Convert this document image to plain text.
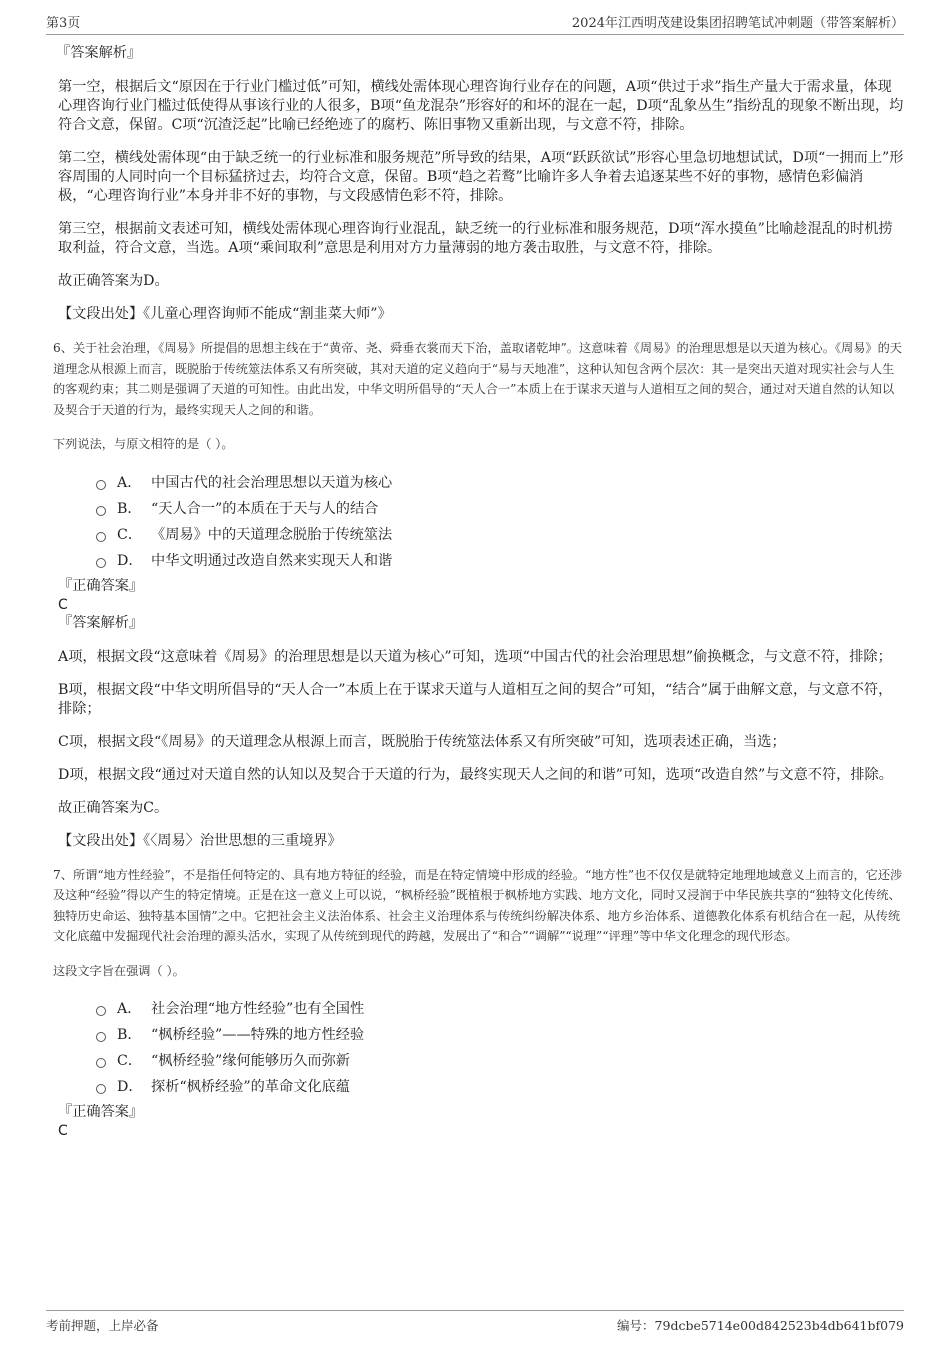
第3页	2024年江西明茂建设集团招聘笔试冲刺题（带答案解析）
『答案解析』

第一空，根据后文“原因在于行业门槛过低”可知，横线处需体现心理咨询行业存在的问题，A项“供过于求”指生产量大于需求量，体现心理咨询行业门槛过低使得从事该行业的人很多，B项“鱼龙混杂”形容好的和坏的混在一起，D项“乱象丛生”指纷乱的现象不断出现，均符合文意，保留。C项“沉渣泛起”比喻已经绝迹了的腐朽、陈旧事物又重新出现，与文意不符，排除。

第二空，横线处需体现“由于缺乏统一的行业标准和服务规范”所导致的结果，A项“跃跃欲试”形容心里急切地想试试，D项“一拥而上”形容周围的人同时向一个目标猛挤过去，均符合文意，保留。B项“趋之若鹜”比喻许多人争着去追逐某些不好的事物，感情色彩偏消极，“心理咨询行业”本身并非不好的事物，与文段感情色彩不符，排除。

第三空，根据前文表述可知，横线处需体现心理咨询行业混乱，缺乏统一的行业标准和服务规范，D项“浑水摸鱼”比喻趁混乱的时机捞取利益，符合文意，当选。A项“乘间取利”意思是利用对方力量薄弱的地方袭击取胜，与文意不符，排除。

故正确答案为D。

【文段出处】《儿童心理咨询师不能成“割韭菜大师”》

6、关于社会治理，《周易》所提倡的思想主线在于“黄帝、尧、舜垂衣裳而天下治，盖取诸乾坤”。这意味着《周易》的治理思想是以天道为核心。《周易》的天道理念从根源上而言，既脱胎于传统筮法体系又有所突破，其对天道的定义趋向于“易与天地准”，这种认知包含两个层次：其一是突出天道对现实社会与人生的客观约束；其二则是强调了天道的可知性。由此出发，中华文明所倡导的“天人合一”本质上在于谋求天道与人道相互之间的契合，通过对天道自然的认知以及契合于天道的行为，最终实现天人之间的和谐。

下列说法，与原文相符的是（ ）。

A． 中国古代的社会治理思想以天道为核心
B． “天人合一”的本质在于天与人的结合
C． 《周易》中的天道理念脱胎于传统筮法
D． 中华文明通过改造自然来实现天人和谐
『正确答案』
C
『答案解析』

A项，根据文段“这意味着《周易》的治理思想是以天道为核心”可知，选项“中国古代的社会治理思想”偷换概念，与文意不符，排除；

B项，根据文段“中华文明所倡导的“天人合一”本质上在于谋求天道与人道相互之间的契合”可知，“结合”属于曲解文意，与文意不符，排除；

C项，根据文段“《周易》的天道理念从根源上而言，既脱胎于传统筮法体系又有所突破”可知，选项表述正确，当选；

D项，根据文段“通过对天道自然的认知以及契合于天道的行为，最终实现天人之间的和谐”可知，选项“改造自然”与文意不符，排除。

故正确答案为C。

【文段出处】《〈周易〉治世思想的三重境界》

7、所谓“地方性经验”，不是指任何特定的、具有地方特征的经验，而是在特定情境中形成的经验。“地方性”也不仅仅是就特定地理地域意义上而言的，它还涉及这种“经验”得以产生的特定情境。正是在这一意义上可以说，“枫桥经验”既植根于枫桥地方实践、地方文化，同时又浸润于中华民族共享的“独特文化传统、独特历史命运、独特基本国情”之中。它把社会主义法治体系、社会主义治理体系与传统纠纷解决体系、地方乡治体系、道德教化体系有机结合在一起，从传统文化底蕴中发掘现代社会治理的源头活水，实现了从传统到现代的跨越，发展出了“和合”“调解”“说理”“评理”等中华文化理念的现代形态。

这段文字旨在强调（ ）。

A． 社会治理“地方性经验”也有全国性
B． “枫桥经验”——特殊的地方性经验
C． “枫桥经验”缘何能够历久而弥新
D． 探析“枫桥经验”的革命文化底蕴
『正确答案』
C
考前押题，上岸必备	编号：79dcbe5714e00d842523b4db641bf079
